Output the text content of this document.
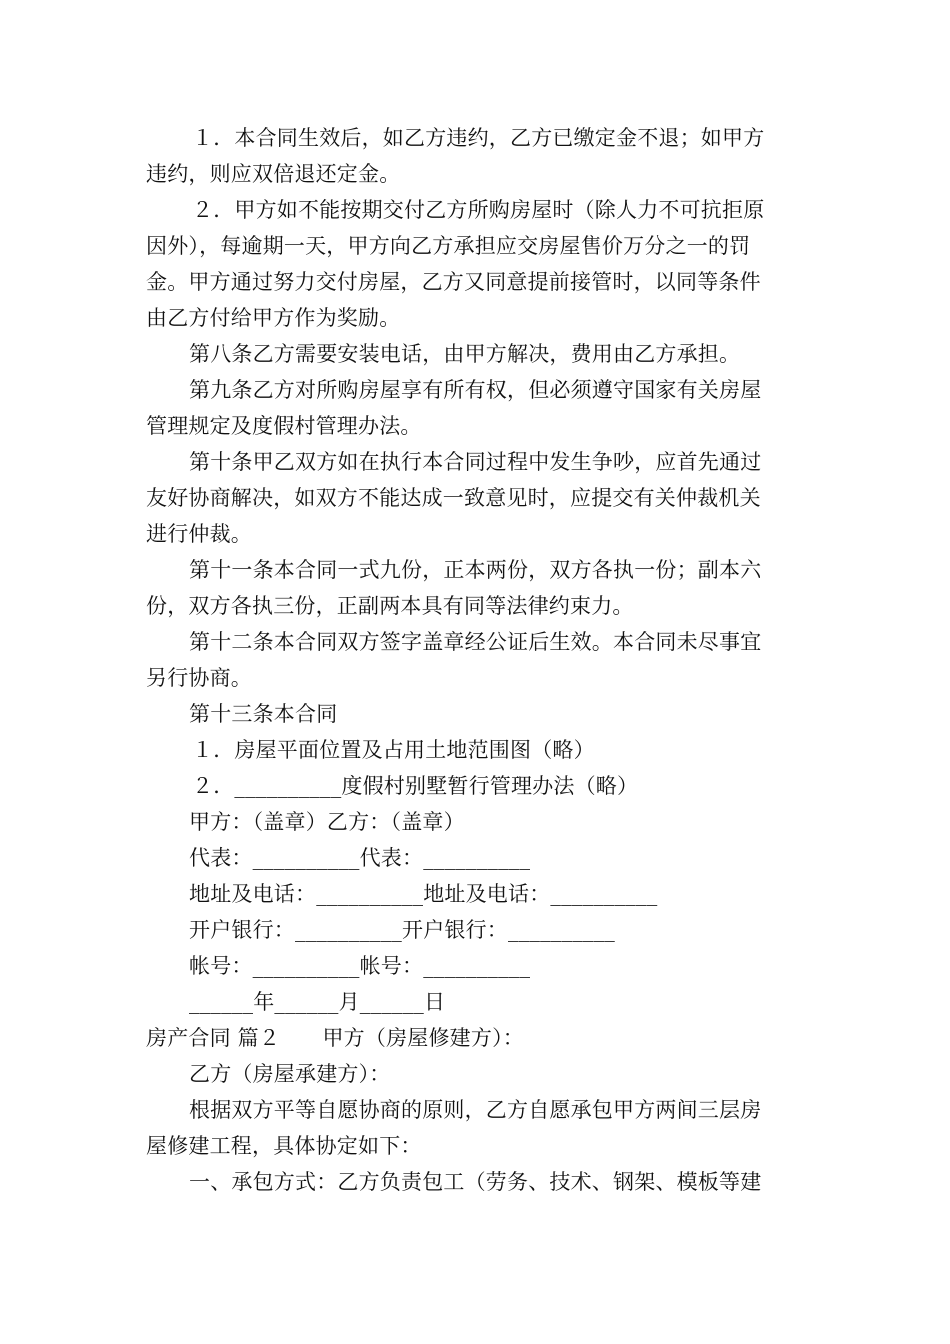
１．本合同生效后，如乙方违约，乙方已缴定金不退；如甲方
违约，则应双倍退还定金。
２．甲方如不能按期交付乙方所购房屋时（除人力不可抗拒原
因外），每逾期一天，甲方向乙方承担应交房屋售价万分之一的罚
金。甲方通过努力交付房屋，乙方又同意提前接管时，以同等条件
由乙方付给甲方作为奖励。
第八条乙方需要安装电话，由甲方解决，费用由乙方承担。
第九条乙方对所购房屋享有所有权，但必须遵守国家有关房屋
管理规定及度假村管理办法。
第十条甲乙双方如在执行本合同过程中发生争吵，应首先通过
友好协商解决，如双方不能达成一致意见时，应提交有关仲裁机关
进行仲裁。
第十一条本合同一式九份，正本两份，双方各执一份；副本六
份，双方各执三份，正副两本具有同等法律约束力。
第十二条本合同双方签字盖章经公证后生效。本合同未尽事宜
另行协商。
第十三条本合同
１．房屋平面位置及占用土地范围图（略）
２．__________度假村别墅暂行管理办法（略）
甲方：（盖章）乙方：（盖章）
代表：__________代表：__________
地址及电话：__________地址及电话：__________
开户银行：__________开户银行：__________
帐号：__________帐号：__________
______年______月______日
房产合同 篇２　　甲方（房屋修建方）：
乙方（房屋承建方）：
根据双方平等自愿协商的原则，乙方自愿承包甲方两间三层房
屋修建工程，具体协定如下：
一、承包方式：乙方负责包工（劳务、技术、钢架、模板等建
